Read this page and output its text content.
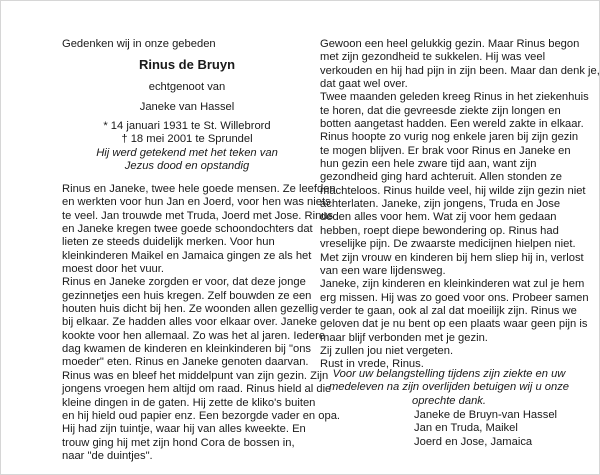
Gedenken wij in onze gebeden
Rinus de Bruyn
echtgenoot van
Janeke van Hassel
* 14 januari 1931 te St. Willebrord
† 18 mei 2001 te Sprundel
Hij werd getekend met het teken van
Jezus dood en opstandig
Rinus en Janeke, twee hele goede mensen. Ze leefden
en werkten voor hun Jan en Joerd, voor hen was niets
te veel. Jan trouwde met Truda, Joerd met Jose. Rinus
en Janeke kregen twee goede schoondochters dat
lieten ze steeds duidelijk merken. Voor hun
kleinkinderen Maikel en Jamaica gingen ze als het
moest door het vuur.
Rinus en Janeke zorgden er voor, dat deze jonge
gezinnetjes een huis kregen. Zelf bouwden ze een
houten huis dicht bij hen. Ze woonden allen gezellig
bij elkaar. Ze hadden alles voor elkaar over. Janeke
kookte voor hen allemaal. Zo was het al jaren. Iedere
dag kwamen de kinderen en kleinkinderen bij "ons
moeder" eten. Rinus en Janeke genoten daarvan.
Rinus was en bleef het middelpunt van zijn gezin. Zijn
jongens vroegen hem altijd om raad. Rinus hield al die
kleine dingen in de gaten. Hij zette de kliko's buiten
en hij hield oud papier enz. Een bezorgde vader en opa.
Hij had zijn tuintje, waar hij van alles kweekte. En
trouw ging hij met zijn hond Cora de bossen in,
naar "de duintjes".
Gewoon een heel gelukkig gezin. Maar Rinus begon
met zijn gezondheid te sukkelen. Hij was veel
verkouden en hij had pijn in zijn been. Maar dan denk je,
dat gaat wel over.
Twee maanden geleden kreeg Rinus in het ziekenhuis
te horen, dat die gevreesde ziekte zijn longen en
botten aangetast hadden. Een wereld zakte in elkaar.
Rinus hoopte zo vurig nog enkele jaren bij zijn gezin
te mogen blijven. Er brak voor Rinus en Janeke en
hun gezin een hele zware tijd aan, want zijn
gezondheid ging hard achteruit. Allen stonden ze
machteloos. Rinus huilde veel, hij wilde zijn gezin niet
achterlaten. Janeke, zijn jongens, Truda en Jose
deden alles voor hem. Wat zij voor hem gedaan
hebben, roept diepe bewondering op. Rinus had
vreselijke pijn. De zwaarste medicijnen hielpen niet.
Met zijn vrouw en kinderen bij hem sliep hij in, verlost
van een ware lijdensweg.
Janeke, zijn kinderen en kleinkinderen wat zul je hem
erg missen. Hij was zo goed voor ons. Probeer samen
verder te gaan, ook al zal dat moeilijk zijn. Rinus we
geloven dat je nu bent op een plaats waar geen pijn is
maar blijf verbonden met je gezin.
Zij zullen jou niet vergeten.
Rust in vrede, Rinus.
Voor uw belangstelling tijdens zijn ziekte en uw
medeleven na zijn overlijden betuigen wij u onze
oprechte dank.
Janeke de Bruyn-van Hassel
Jan en Truda, Maikel
Joerd en Jose, Jamaica
